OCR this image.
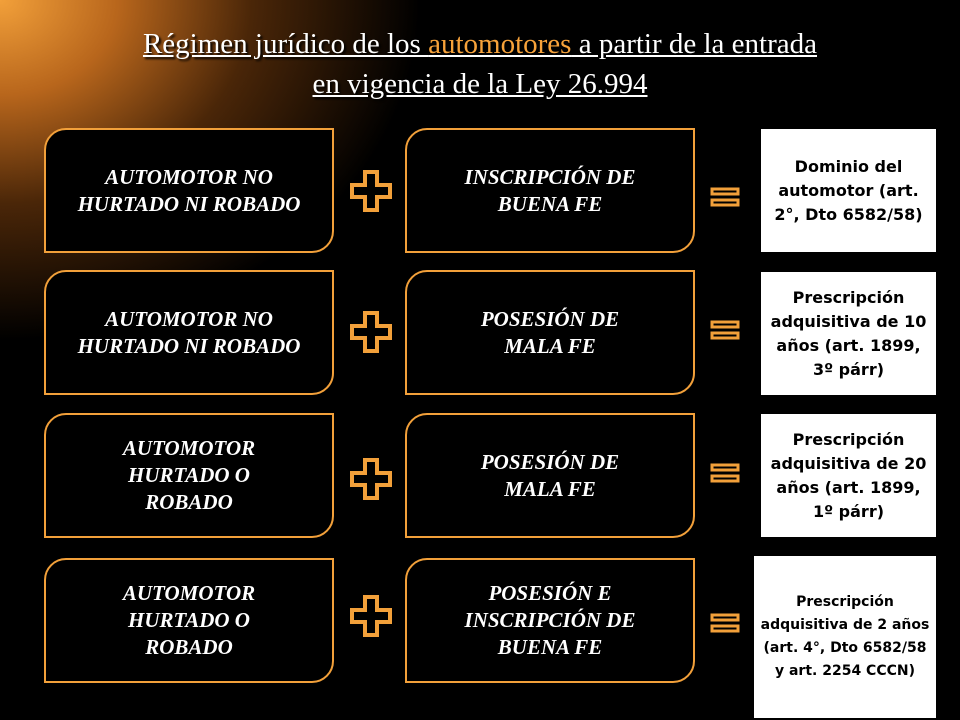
Régimen jurídico de los automotores a partir de la entrada
en vigencia de la Ley 26.994
AUTOMOTOR NO HURTADO NI ROBADO
INSCRIPCIÓN DE BUENA FE
Dominio del automotor (art. 2°, Dto 6582/58)
AUTOMOTOR NO HURTADO NI ROBADO
POSESIÓN DE MALA FE
Prescripción adquisitiva de 10 años (art. 1899, 3º párr)
AUTOMOTOR HURTADO O ROBADO
POSESIÓN DE MALA FE
Prescripción adquisitiva de 20 años (art. 1899, 1º párr)
AUTOMOTOR HURTADO O ROBADO
POSESIÓN E INSCRIPCIÓN DE BUENA FE
Prescripción adquisitiva de 2 años (art. 4°, Dto 6582/58 y art. 2254 CCCN)
